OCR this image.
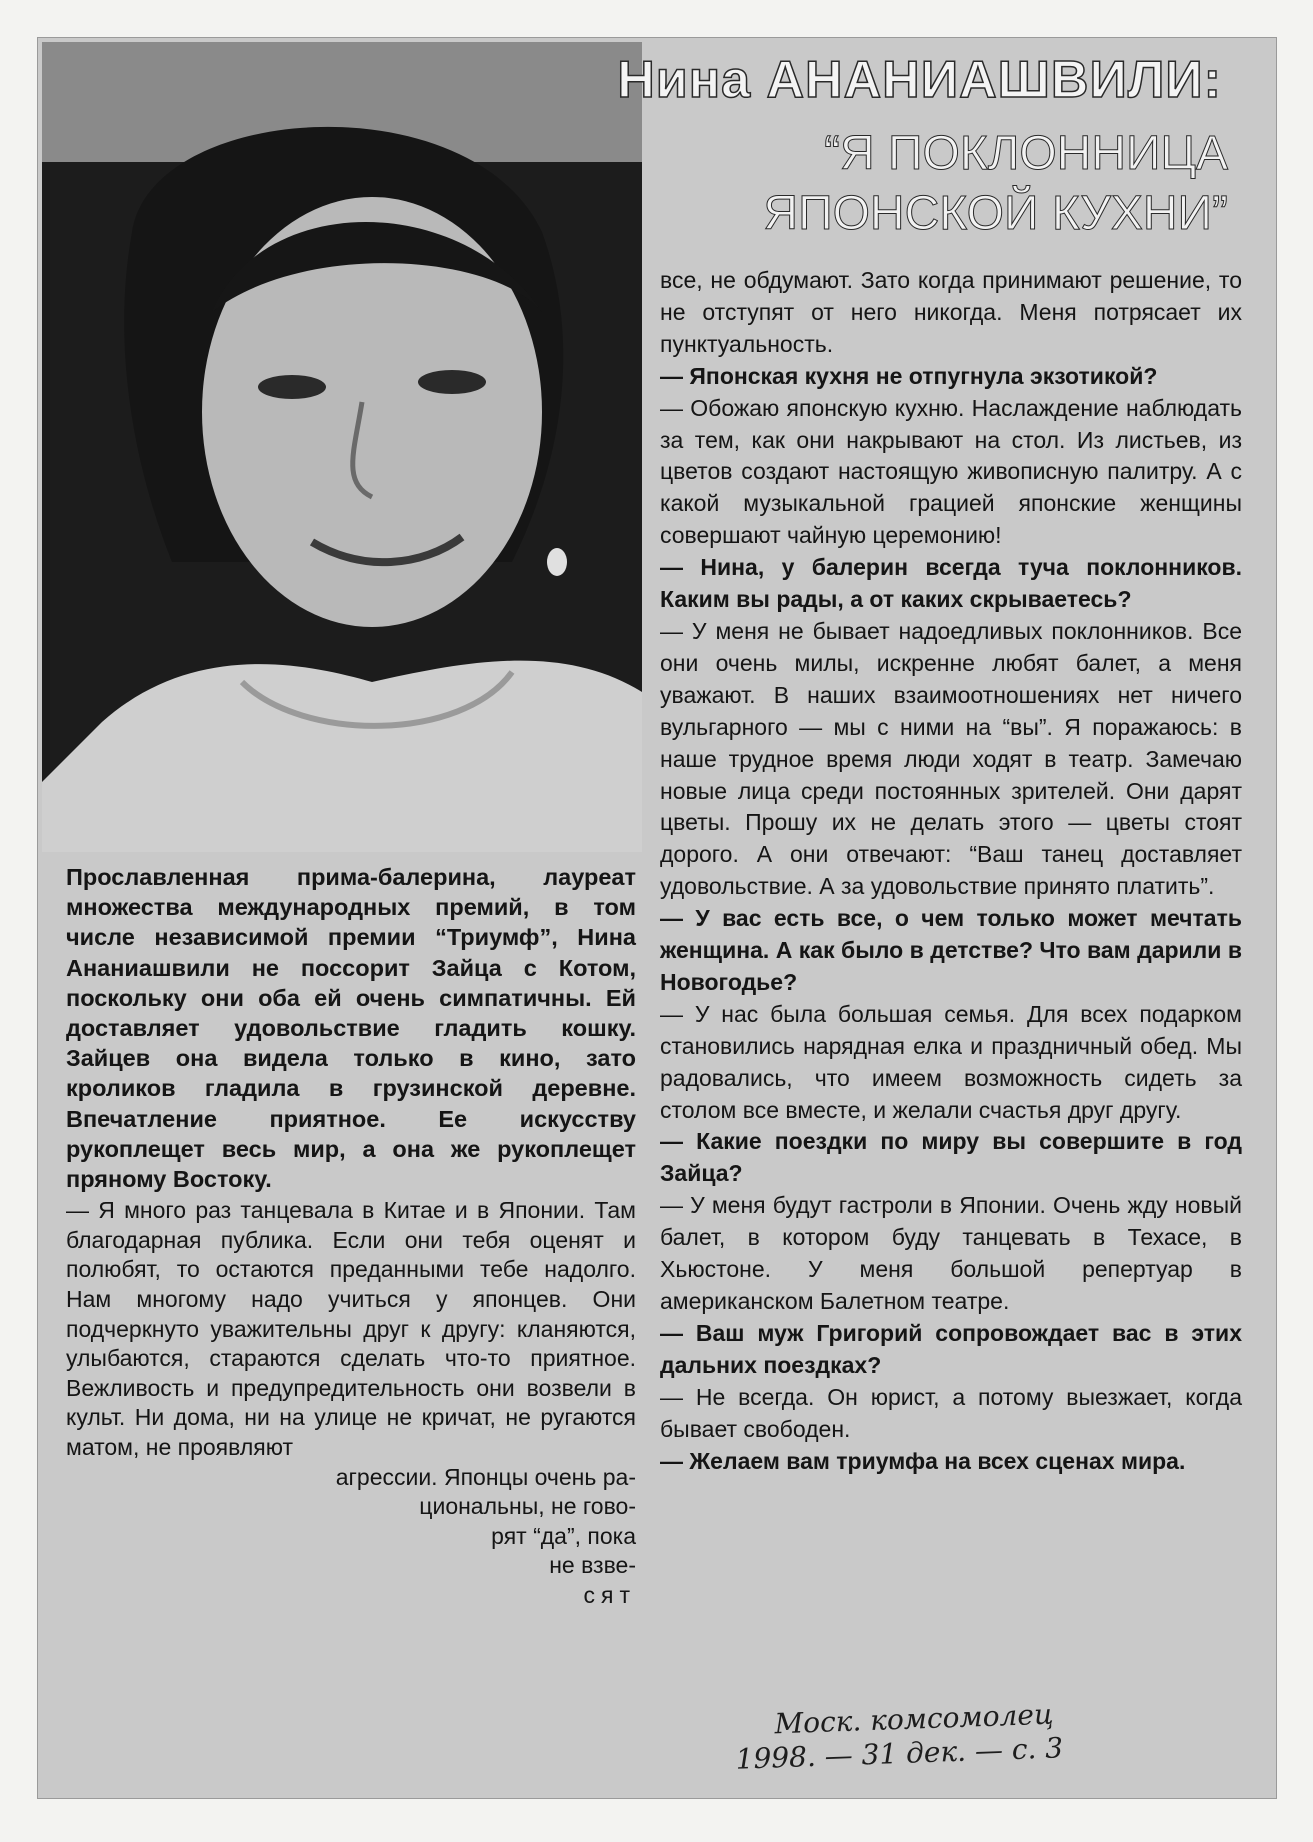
Нина АНАНИАШВИЛИ:
“Я ПОКЛОННИЦА
ЯПОНСКОЙ КУХНИ”

Прославленная прима-балерина, лауреат множества международных премий, в том числе независимой премии “Триумф”, Нина Ананиашвили не поссорит Зайца с Котом, поскольку они оба ей очень симпатичны. Ей доставляет удовольствие гладить кошку. Зайцев она видела только в кино, зато кроликов гладила в грузинской деревне. Впечатление приятное. Ее искусству рукоплещет весь мир, а она же рукоплещет пряному Востоку.

— Я много раз танцевала в Китае и в Японии. Там благодарная публика. Если они тебя оценят и полюбят, то остаются преданными тебе надолго. Нам многому надо учиться у японцев. Они подчеркнуто уважительны друг к другу: кланяются, улыбаются, стараются сделать что-то приятное. Вежливость и предупредительность они возвели в культ. Ни дома, ни на улице не кричат, не ругаются матом, не проявляют

агрессии. Японцы очень ра-
циональны, не гово-
рят “да”, пока
не взве-
сят

все, не обдумают. Зато когда принимают решение, то не отступят от него никогда. Меня потрясает их пунктуальность.

— Японская кухня не отпугнула экзотикой?

— Обожаю японскую кухню. Наслаждение наблюдать за тем, как они накрывают на стол. Из листьев, из цветов создают настоящую живописную палитру. А с какой музыкальной грацией японские женщины совершают чайную церемонию!

— Нина, у балерин всегда туча поклонников. Каким вы рады, а от каких скрываетесь?

— У меня не бывает надоедливых поклонников. Все они очень милы, искренне любят балет, а меня уважают. В наших взаимоотношениях нет ничего вульгарного — мы с ними на “вы”. Я поражаюсь: в наше трудное время люди ходят в театр. Замечаю новые лица среди постоянных зрителей. Они дарят цветы. Прошу их не делать этого — цветы стоят дорого. А они отвечают: “Ваш танец доставляет удовольствие. А за удовольствие принято платить”.

— У вас есть все, о чем только может мечтать женщина. А как было в детстве? Что вам дарили в Новогодье?

— У нас была большая семья. Для всех подарком становились нарядная елка и праздничный обед. Мы радовались, что имеем возможность сидеть за столом все вместе, и желали счастья друг другу.

— Какие поездки по миру вы совершите в год Зайца?

— У меня будут гастроли в Японии. Очень жду новый балет, в котором буду танцевать в Техасе, в Хьюстоне. У меня большой репертуар в американском Балетном театре.

— Ваш муж Григорий сопровождает вас в этих дальних поездках?

— Не всегда. Он юрист, а потому выезжает, когда бывает свободен.

— Желаем вам триумфа на всех сценах мира.

Моск. комсомолец
1998. — 31 дек. — с. 3
